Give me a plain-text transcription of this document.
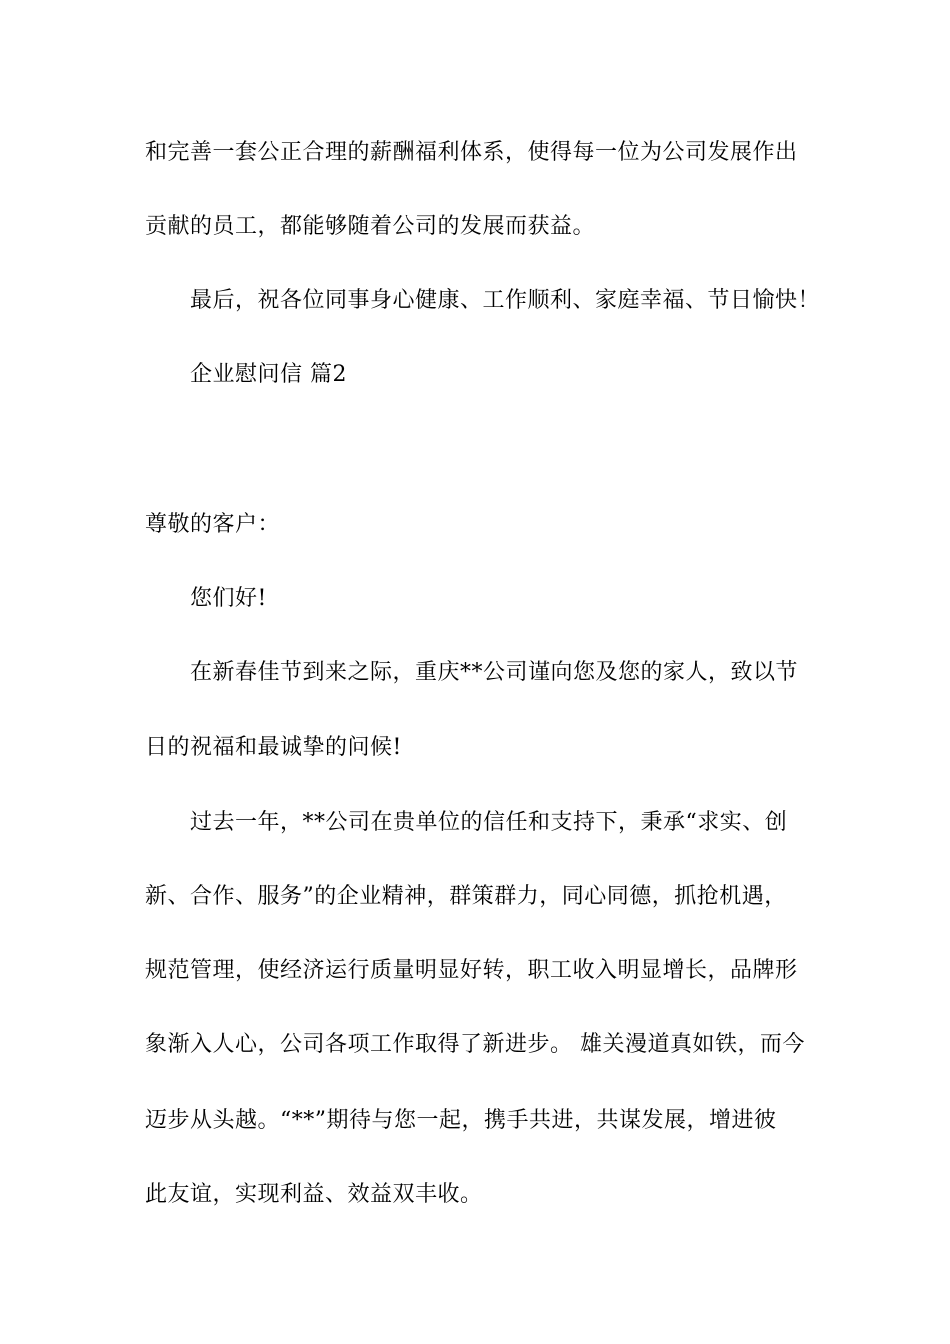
和完善一套公正合理的薪酬福利体系，使得每一位为公司发展作出
贡献的员工，都能够随着公司的发展而获益。
最后，祝各位同事身心健康、工作顺利、家庭幸福、节日愉快！
企业慰问信 篇2
尊敬的客户：
您们好!
在新春佳节到来之际，重庆**公司谨向您及您的家人，致以节
日的祝福和最诚挚的问候!
过去一年，**公司在贵单位的信任和支持下，秉承“求实、创
新、合作、服务”的企业精神，群策群力，同心同德，抓抢机遇，
规范管理，使经济运行质量明显好转，职工收入明显增长，品牌形
象渐入人心，公司各项工作取得了新进步。 雄关漫道真如铁，而今
迈步从头越。“**”期待与您一起，携手共进，共谋发展，增进彼
此友谊，实现利益、效益双丰收。
